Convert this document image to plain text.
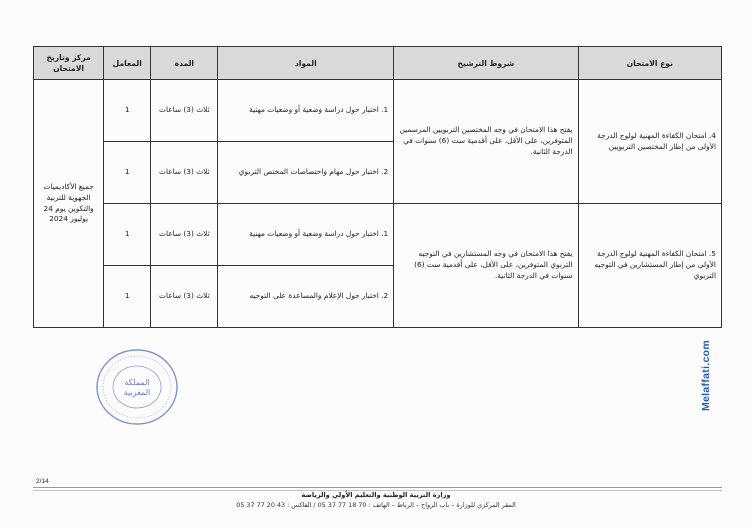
نوع الامتحان	شروط الترشيح	المواد	المدة	المعامل	مركز وتاريخ الامتحان
4. امتحان الكفاءة المهنية لولوج الدرجة الأولى من إطار المختصين التربويين	يفتح هذا الامتحان في وجه المختصين التربويين المرسمين المتوفرين، على الأقل، على أقدمية ست (6) سنوات في الدرجة الثانية.	1. اختبار حول دراسة وضعية أو وضعيات مهنية	ثلاث (3) ساعات	1	جميع الأكاديميات الجهوية للتربية والتكوين يوم 24 يوليوز 2024
		2. اختبار حول مهام واختصاصات المختص التربوي	ثلاث (3) ساعات	1	
5. امتحان الكفاءة المهنية لولوج الدرجة الأولى من إطار المستشارين في التوجيه التربوي	يفتح هذا الامتحان في وجه المستشارين في التوجيه التربوي المتوفرين، على الأقل، على أقدمية ست (6) سنوات في الدرجة الثانية.	1. اختبار حول دراسة وضعية أو وضعيات مهنية	ثلاث (3) ساعات	1	
		2. اختبار حول الإعلام والمساعدة على التوجيه	ثلاث (3) ساعات	1	
Melaffati.com
المملكة
المغربية
2/14
وزارة التربية الوطنية والتعليم الأولي والرياضة
المقر المركزي للوزارة – باب الرواح – الرباط – الهاتف : 70 18 77 37 05 / الفاكس : 43 20 77 37 05
